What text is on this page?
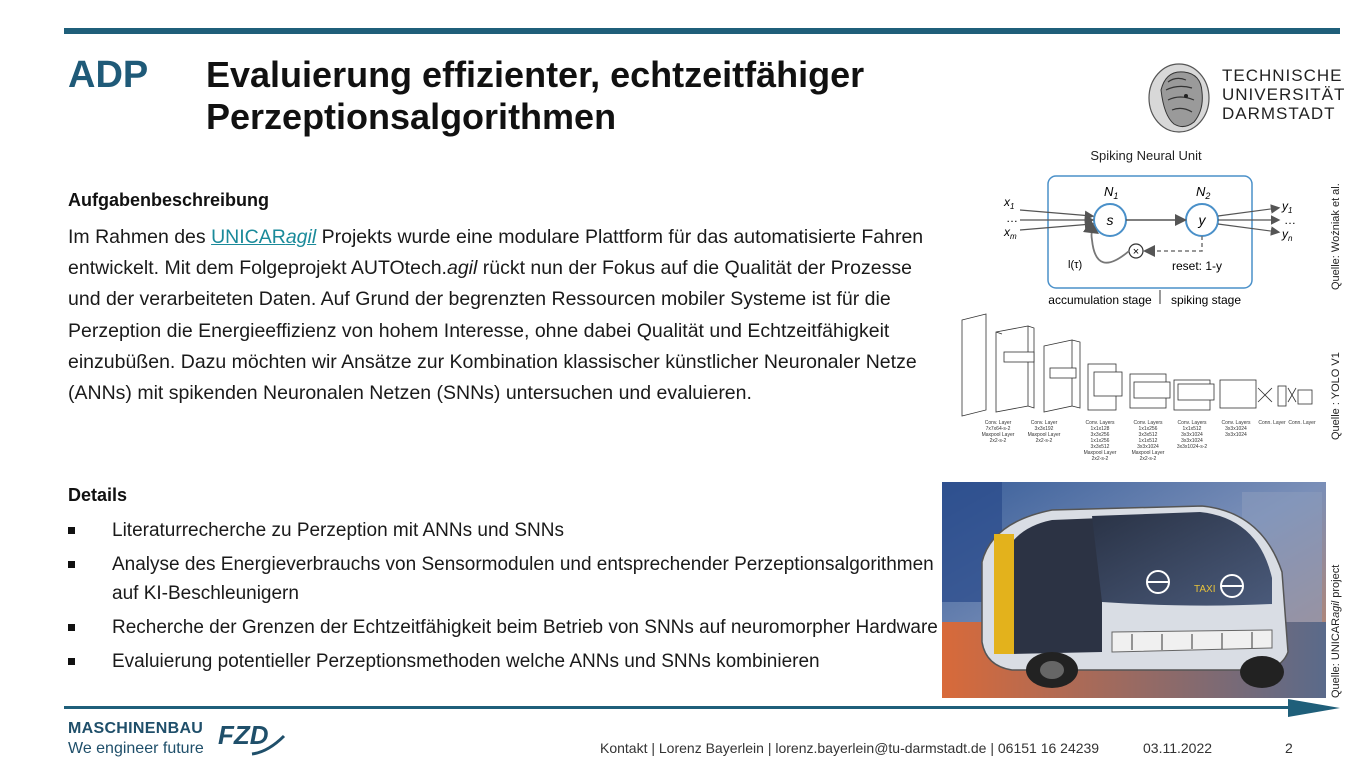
ADP Evaluierung effizienter, echtzeitfähiger
Perzeptionsalgorithmen
TECHNISCHE
UNIVERSITÄT
DARMSTADT
Aufgabenbeschreibung
Im Rahmen des UNICARagil Projekts wurde eine modulare Plattform für das automatisierte Fahren entwickelt. Mit dem Folgeprojekt AUTOtech.agil rückt nun der Fokus auf die Qualität der Prozesse und der verarbeiteten Daten. Auf Grund der begrenzten Ressourcen mobiler Systeme ist für die Perzeption die Energieeffizienz von hohem Interesse, ohne dabei Qualität und Echtzeitfähigkeit einzubüßen. Dazu möchten wir Ansätze zur Kombination klassischer künstlicher Neuronaler Netze (ANNs) mit spikenden Neuronalen Netzen (SNNs) untersuchen und evaluieren.
Details
Literaturrecherche zu Perzeption mit ANNs und SNNs
Analyse des Energieverbrauchs von Sensormodulen und entsprechender Perzeptionsalgorithmen auf KI-Beschleunigern
Recherche der Grenzen der Echtzeitfähigkeit beim Betrieb von SNNs auf neuromorpher Hardware
Evaluierung potentieller Perzeptionsmethoden welche ANNs und SNNs kombinieren
Spiking Neural Unit
$N_1$	$N_2$
s	y
$x_1$
…
$x_m$
$y_1$
…
$y_n$
×
l(τ)	reset: 1-y
accumulation stage spiking stage
Quelle: Woźniak et al.
Conv. Layer 7x7x64-s-2 Maxpool Layer 2x2-s-2
Conv. Layer 3x3x192 Maxpool Layer 2x2-s-2
Conv. Layers 1x1x128 3x3x256 1x1x256 3x3x512 Maxpool Layer 2x2-s-2
Conv. Layers 1x1x256 3x3x512 1x1x512 3x3x1024 Maxpool Layer 2x2-s-2
Conv. Layers 1x1x512 3x3x1024 3x3x1024 3x3x1024-s-2
Conv. Layers 3x3x1024 3x3x1024
Conn. Layer Conn. Layer Quelle : YOLO V1
TAXI
Quelle: UNICARagil project
MASCHINENBAU
We engineer future FZD	Kontakt | Lorenz Bayerlein | lorenz.bayerlein@tu-darmstadt.de | 06151 16 24239	03.11.2022	2
